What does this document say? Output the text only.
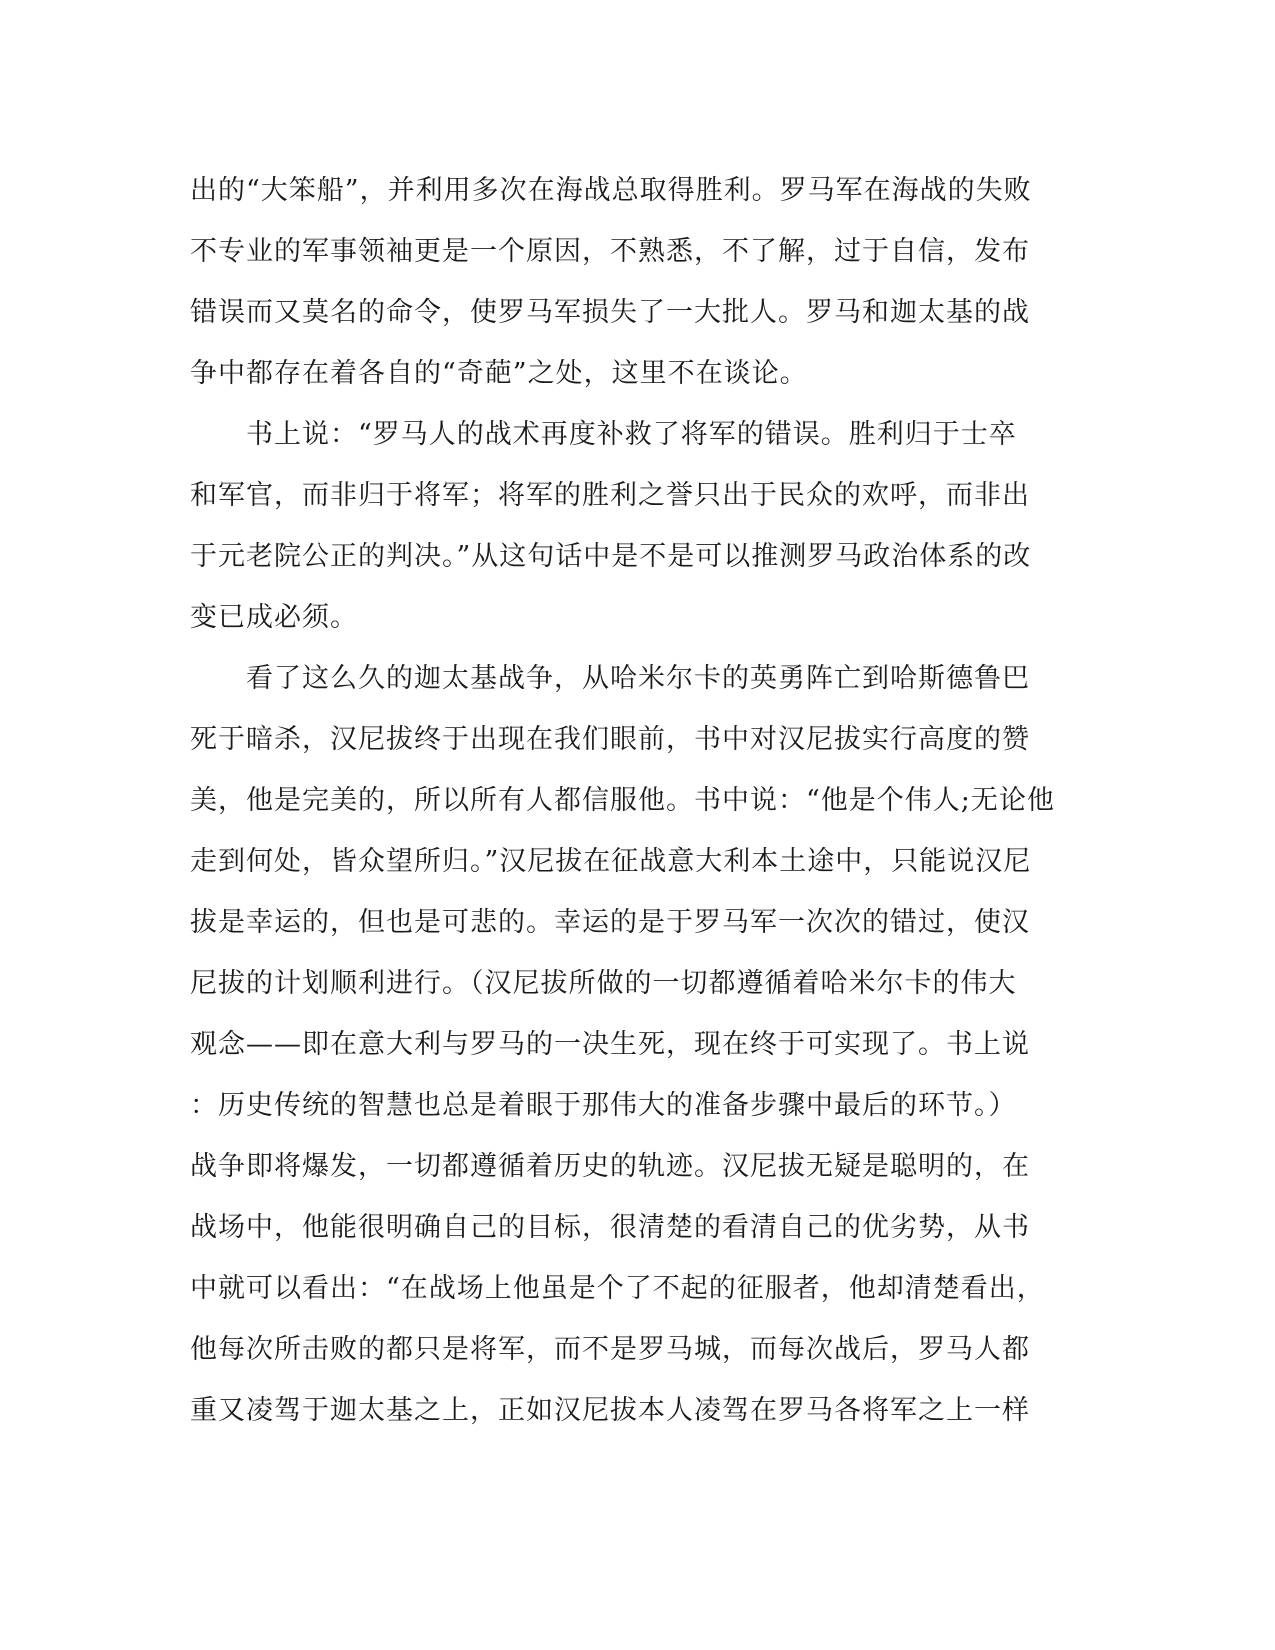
出的“大笨船”，并利用多次在海战总取得胜利。罗马军在海战的失败
不专业的军事领袖更是一个原因，不熟悉，不了解，过于自信，发布
错误而又莫名的命令，使罗马军损失了一大批人。罗马和迦太基的战
争中都存在着各自的“奇葩”之处，这里不在谈论。
　　书上说：“罗马人的战术再度补救了将军的错误。胜利归于士卒
和军官，而非归于将军；将军的胜利之誉只出于民众的欢呼，而非出
于元老院公正的判决。”从这句话中是不是可以推测罗马政治体系的改
变已成必须。
　　看了这么久的迦太基战争，从哈米尔卡的英勇阵亡到哈斯德鲁巴
死于暗杀，汉尼拔终于出现在我们眼前，书中对汉尼拔实行高度的赞
美，他是完美的，所以所有人都信服他。书中说：“他是个伟人;无论他
走到何处，皆众望所归。”汉尼拔在征战意大利本土途中，只能说汉尼
拔是幸运的，但也是可悲的。幸运的是于罗马军一次次的错过，使汉
尼拔的计划顺利进行。（汉尼拔所做的一切都遵循着哈米尔卡的伟大
观念——即在意大利与罗马的一决生死，现在终于可实现了。书上说
：历史传统的智慧也总是着眼于那伟大的准备步骤中最后的环节。）
战争即将爆发，一切都遵循着历史的轨迹。汉尼拔无疑是聪明的，在
战场中，他能很明确自己的目标，很清楚的看清自己的优劣势，从书
中就可以看出：“在战场上他虽是个了不起的征服者，他却清楚看出，
他每次所击败的都只是将军，而不是罗马城，而每次战后，罗马人都
重又凌驾于迦太基之上，正如汉尼拔本人凌驾在罗马各将军之上一样
